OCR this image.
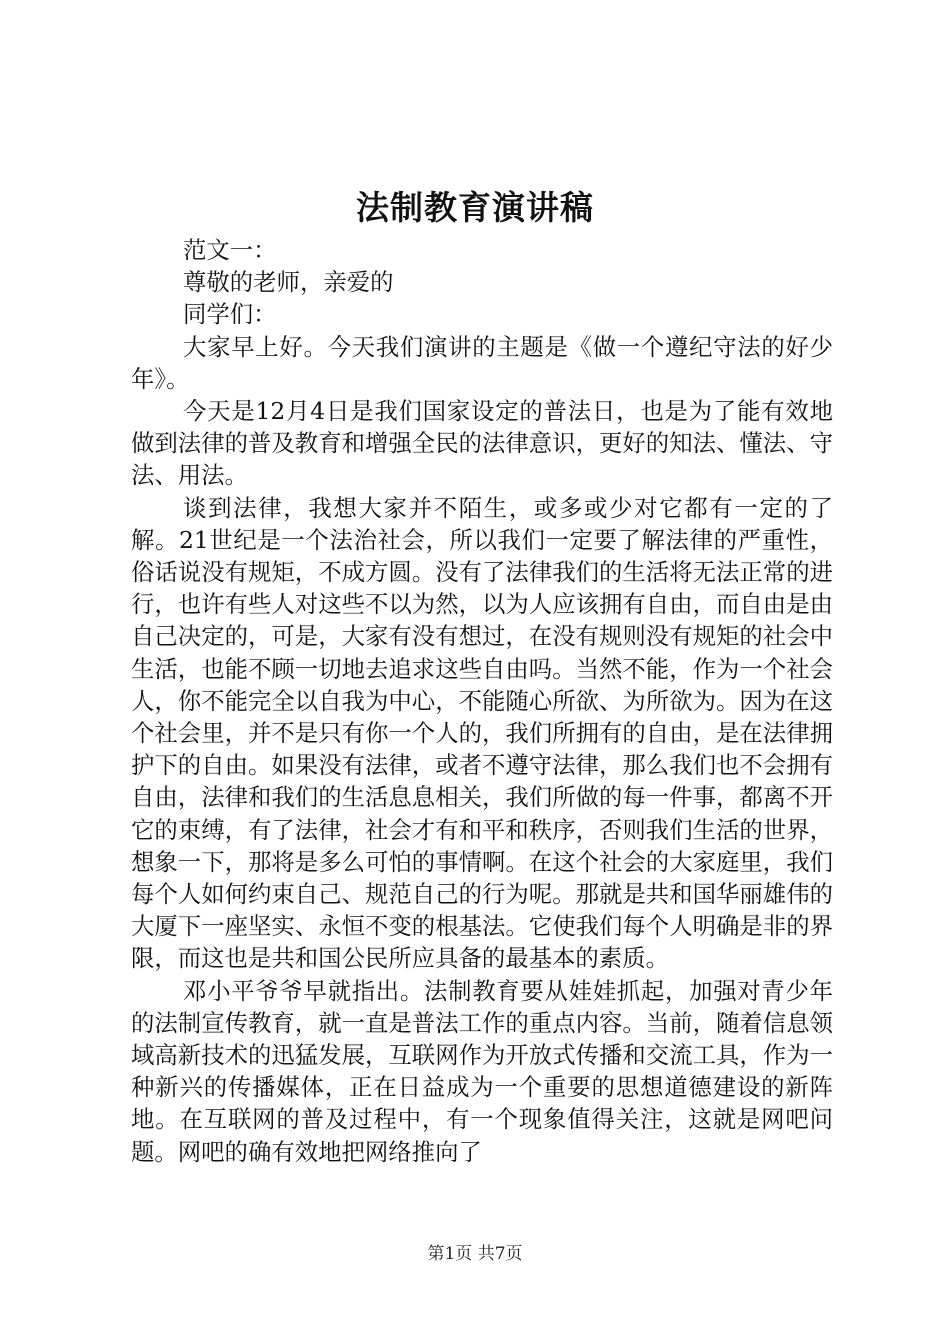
法制教育演讲稿

范文一：

尊敬的老师，亲爱的

同学们：

大家早上好。今天我们演讲的主题是《做一个遵纪守法的好少年》。

今天是12月4日是我们国家设定的普法日，也是为了能有效地做到法律的普及教育和增强全民的法律意识，更好的知法、懂法、守法、用法。

谈到法律，我想大家并不陌生，或多或少对它都有一定的了解。21世纪是一个法治社会，所以我们一定要了解法律的严重性，俗话说没有规矩，不成方圆。没有了法律我们的生活将无法正常的进行，也许有些人对这些不以为然，以为人应该拥有自由，而自由是由自己决定的，可是，大家有没有想过，在没有规则没有规矩的社会中生活，也能不顾一切地去追求这些自由吗。当然不能，作为一个社会人，你不能完全以自我为中心，不能随心所欲、为所欲为。因为在这个社会里，并不是只有你一个人的，我们所拥有的自由，是在法律拥护下的自由。如果没有法律，或者不遵守法律，那么我们也不会拥有自由，法律和我们的生活息息相关，我们所做的每一件事，都离不开它的束缚，有了法律，社会才有和平和秩序，否则我们生活的世界，想象一下，那将是多么可怕的事情啊。在这个社会的大家庭里，我们每个人如何约束自己、规范自己的行为呢。那就是共和国华丽雄伟的大厦下一座坚实、永恒不变的根基法。它使我们每个人明确是非的界限，而这也是共和国公民所应具备的最基本的素质。

邓小平爷爷早就指出。法制教育要从娃娃抓起，加强对青少年的法制宣传教育，就一直是普法工作的重点内容。当前，随着信息领域高新技术的迅猛发展，互联网作为开放式传播和交流工具，作为一种新兴的传播媒体，正在日益成为一个重要的思想道德建设的新阵地。在互联网的普及过程中，有一个现象值得关注，这就是网吧问题。网吧的确有效地把网络推向了

第1页 共7页
